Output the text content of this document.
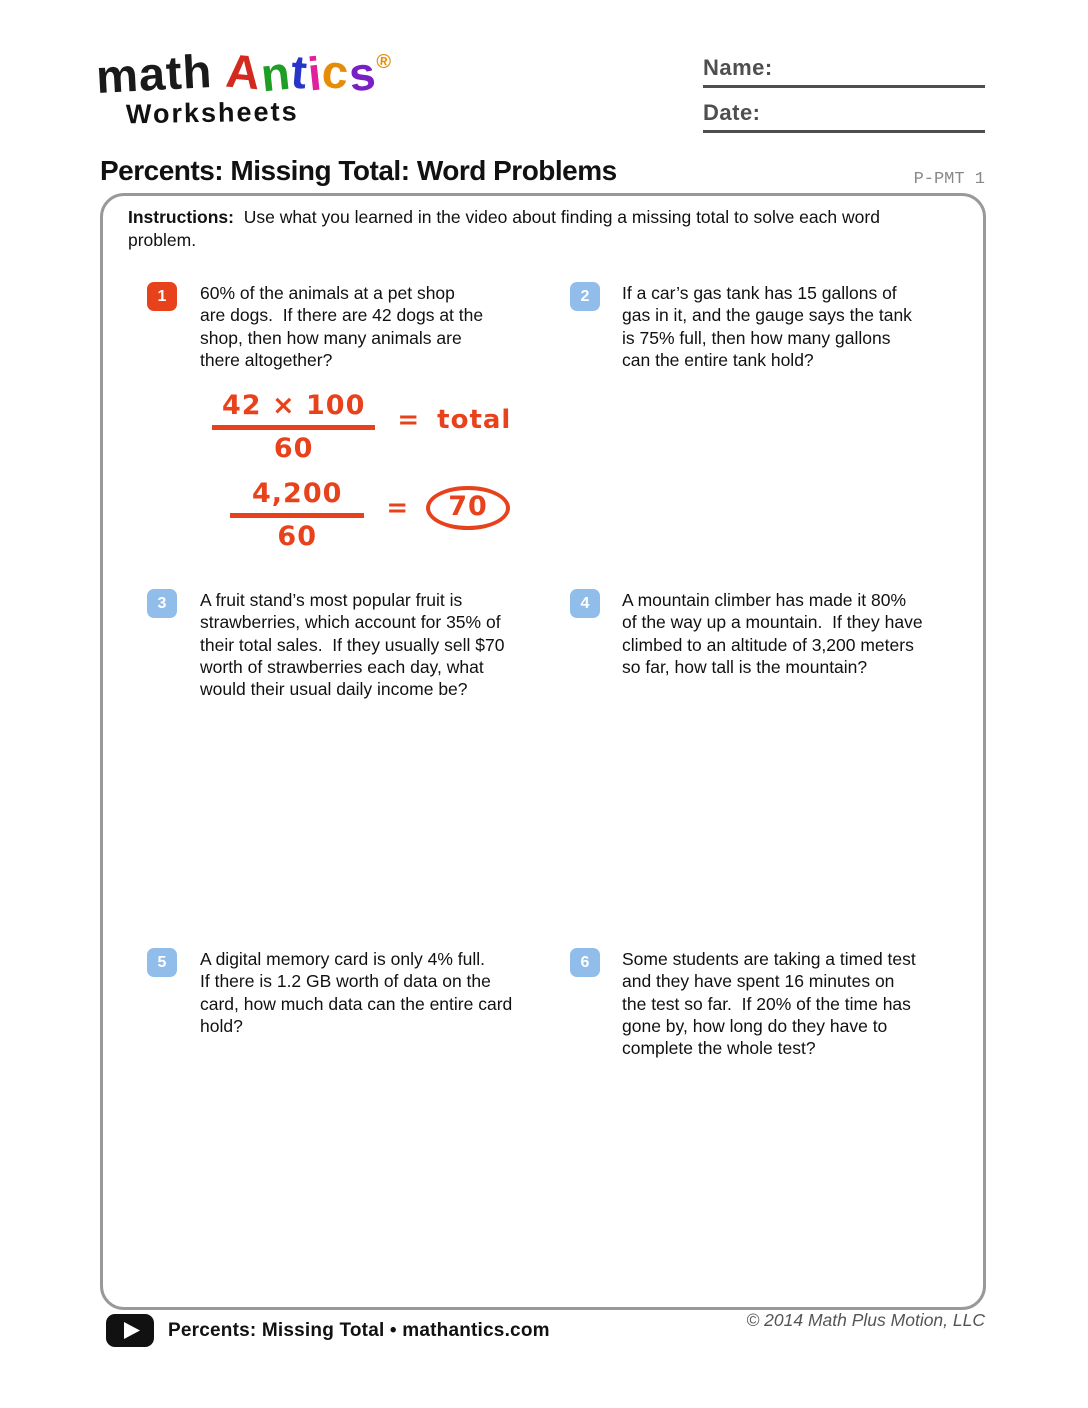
math Antics®
Worksheets
Name:
Date:
Percents: Missing Total: Word Problems	P-PMT 1
Instructions:  Use what you learned in the video about finding a missing total to solve each word problem.
1	60% of the animals at a pet shop
are dogs.  If there are 42 dogs at the
shop, then how many animals are
there altogether?
2	If a car’s gas tank has 15 gallons of
gas in it, and the gauge says the tank
is 75% full, then how many gallons
can the entire tank hold?
$\frac{42 \times 100}{60}$ = total
$\frac{4,200}{60}$ =	70
3	A fruit stand’s most popular fruit is
strawberries, which account for 35% of
their total sales.  If they usually sell $70
worth of strawberries each day, what
would their usual daily income be?
4	A mountain climber has made it 80%
of the way up a mountain.  If they have
climbed to an altitude of 3,200 meters
so far, how tall is the mountain?
5	A digital memory card is only 4% full.
If there is 1.2 GB worth of data on the
card, how much data can the entire card
hold?
6	Some students are taking a timed test
and they have spent 16 minutes on
the test so far.  If 20% of the time has
gone by, how long do they have to
complete the whole test?
Percents: Missing Total • mathantics.com	© 2014 Math Plus Motion, LLC
